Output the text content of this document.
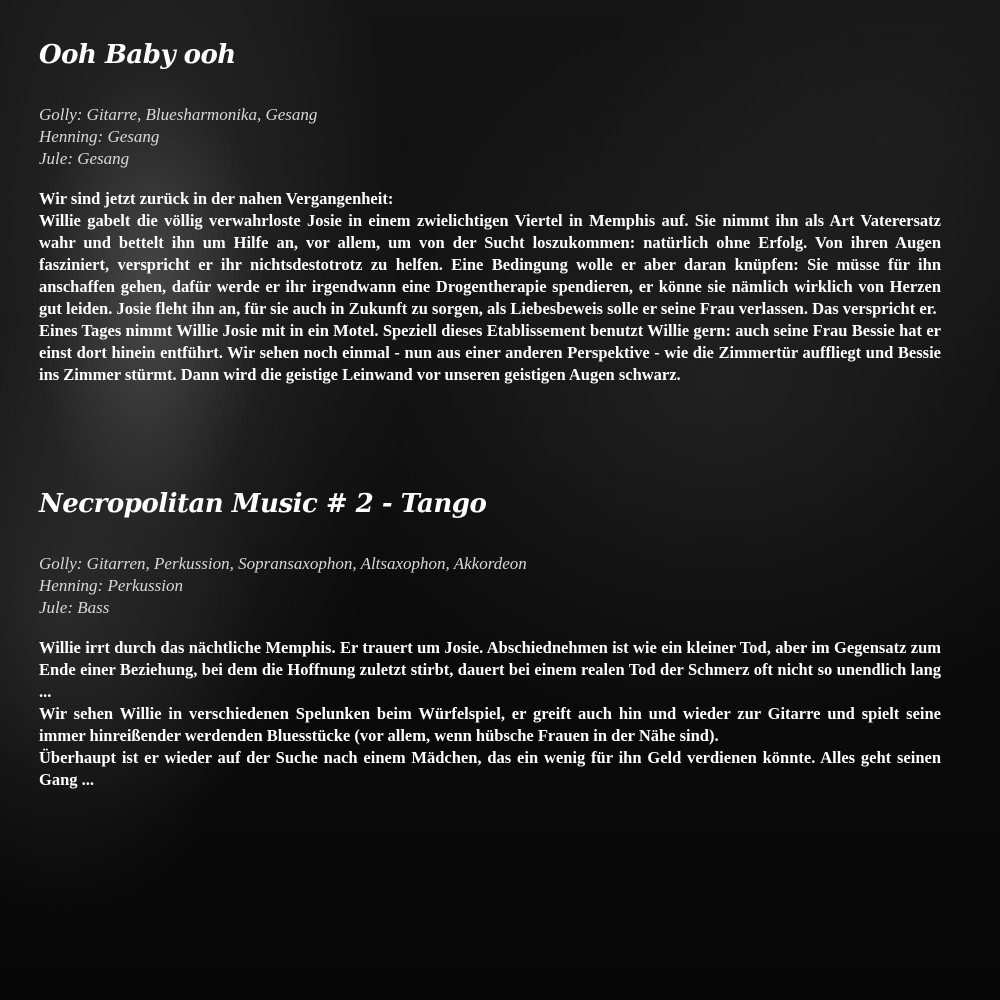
Ooh Baby ooh
Golly: Gitarre, Bluesharmonika, Gesang
Henning: Gesang
Jule: Gesang
Wir sind jetzt zurück in der nahen Vergangenheit:
Willie gabelt die völlig verwahrloste Josie in einem zwielichtigen Viertel in Memphis auf. Sie nimmt ihn als Art Vaterersatz wahr und bettelt ihn um Hilfe an, vor allem, um von der Sucht loszukommen: natürlich ohne Erfolg. Von ihren Augen fasziniert, verspricht er ihr nichtsdestotrotz zu helfen. Eine Bedingung wolle er aber daran knüpfen: Sie müsse für ihn anschaffen gehen, dafür werde er ihr irgendwann eine Drogentherapie spendieren, er könne sie nämlich wirklich von Herzen gut leiden. Josie fleht ihn an, für sie auch in Zukunft zu sorgen, als Liebesbeweis solle er seine Frau verlassen. Das verspricht er.
Eines Tages nimmt Willie Josie mit in ein Motel. Speziell dieses Etablissement benutzt Willie gern: auch seine Frau Bessie hat er einst dort hinein entführt. Wir sehen noch einmal - nun aus einer anderen Perspektive - wie die Zimmertür auffliegt und Bessie ins Zimmer stürmt. Dann wird die geistige Leinwand vor unseren geistigen Augen schwarz.
Necropolitan Music # 2 - Tango
Golly: Gitarren, Perkussion, Sopransaxophon, Altsaxophon, Akkordeon
Henning: Perkussion
Jule: Bass
Willie irrt durch das nächtliche Memphis. Er trauert um Josie. Abschiednehmen ist wie ein kleiner Tod, aber im Gegensatz zum Ende einer Beziehung, bei dem die Hoffnung zuletzt stirbt, dauert bei einem realen Tod der Schmerz oft nicht so unendlich lang ...
Wir sehen Willie in verschiedenen Spelunken beim Würfelspiel, er greift auch hin und wieder zur Gitarre und spielt seine immer hinreißender werdenden Bluesstücke (vor allem, wenn hübsche Frauen in der Nähe sind).
Überhaupt ist er wieder auf der Suche nach einem Mädchen, das ein wenig für ihn Geld verdienen könnte. Alles geht seinen Gang ...
